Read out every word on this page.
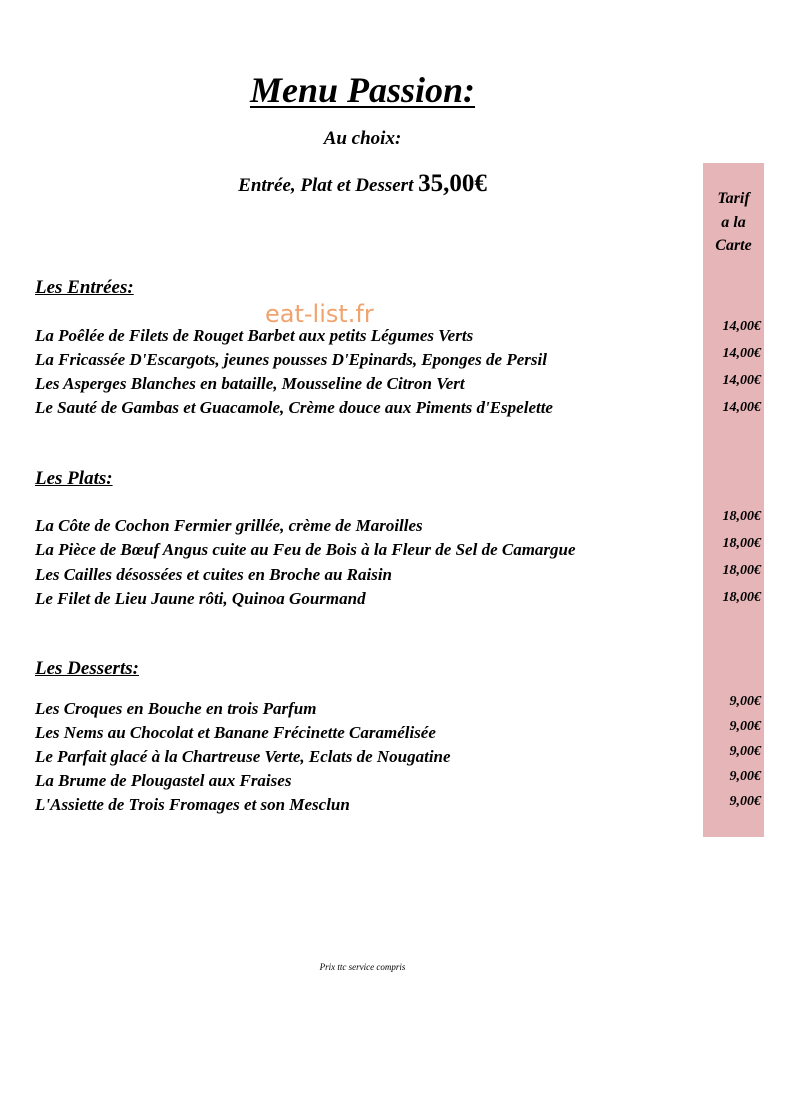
Menu Passion:
Au choix:
Entrée, Plat et Dessert 35,00€
Tarif
a la
Carte
eat-list.fr
Les Entrées:
La Poêlée de Filets de Rouget Barbet aux petits Légumes Verts	14,00€
La Fricassée D'Escargots, jeunes pousses D'Epinards, Eponges de Persil	14,00€
Les Asperges Blanches en bataille, Mousseline de Citron Vert	14,00€
Le Sauté de Gambas et Guacamole, Crème douce aux Piments d'Espelette	14,00€
Les Plats:
La Côte de Cochon Fermier grillée, crème de Maroilles	18,00€
La Pièce de Bœuf Angus cuite au Feu de Bois à la Fleur de Sel de Camargue	18,00€
Les Cailles désossées et cuites en Broche au Raisin	18,00€
Le Filet de Lieu Jaune rôti, Quinoa Gourmand	18,00€
Les Desserts:
Les Croques en Bouche en trois Parfum	9,00€
Les Nems au Chocolat et Banane Frécinette Caramélisée	9,00€
Le Parfait glacé à la Chartreuse Verte, Eclats de Nougatine	9,00€
La Brume de Plougastel aux Fraises	9,00€
L'Assiette de Trois Fromages et son Mesclun	9,00€
Prix ttc service compris
